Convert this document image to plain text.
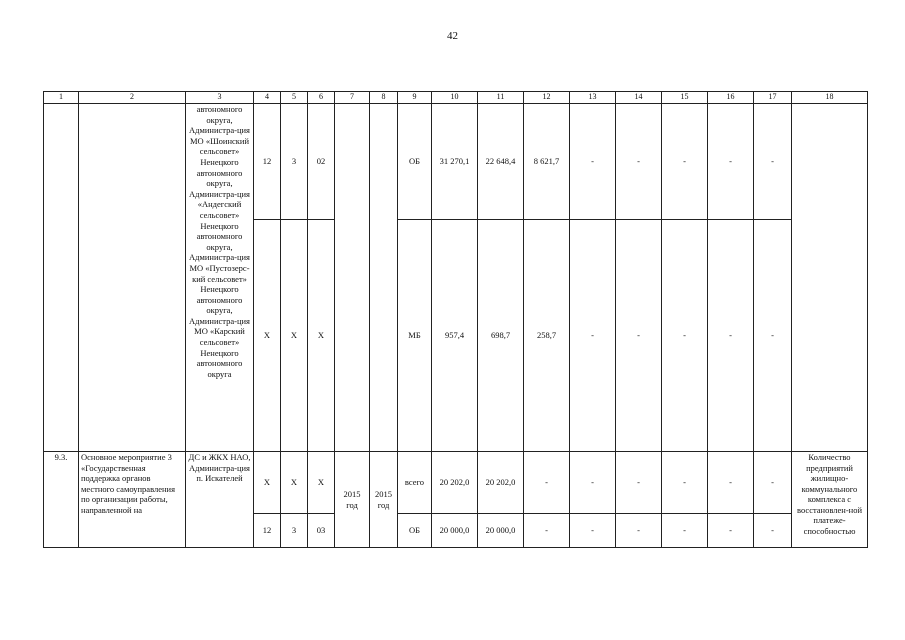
42
1	2	3	4	5	6	7	8	9	10	11	12	13	14	15	16	17	18
		автономного округа, Администра-ция МО «Шоинский сельсовет» Ненецкого автономного округа, Администра-ция «Андегский сельсовет» Ненецкого автономного округа, Администра-ция МО «Пустозерс-кий сельсовет» Ненецкого автономного округа, Администра-ция МО «Карский сельсовет» Ненецкого автономного округа	12	3	02			ОБ	31 270,1	22 648,4	8 621,7	-	-	-	-	-	
			Х	Х	Х			МБ	957,4	698,7	258,7	-	-	-	-	-	
9.3.	Основное мероприятие 3 «Государственная поддержка органов местного самоуправления по организации работы, направленной на	ДС и ЖКХ НАО, Администра-ция п. Искателей	Х	Х	Х	2015 год	2015 год	всего	20 202,0	20 202,0	-	-	-	-	-	-	Количество предприятий жилищно-коммунального комплекса с восстановлен-ной платеже-способностью
			12	3	03			ОБ	20 000,0	20 000,0	-	-	-	-	-	-	
